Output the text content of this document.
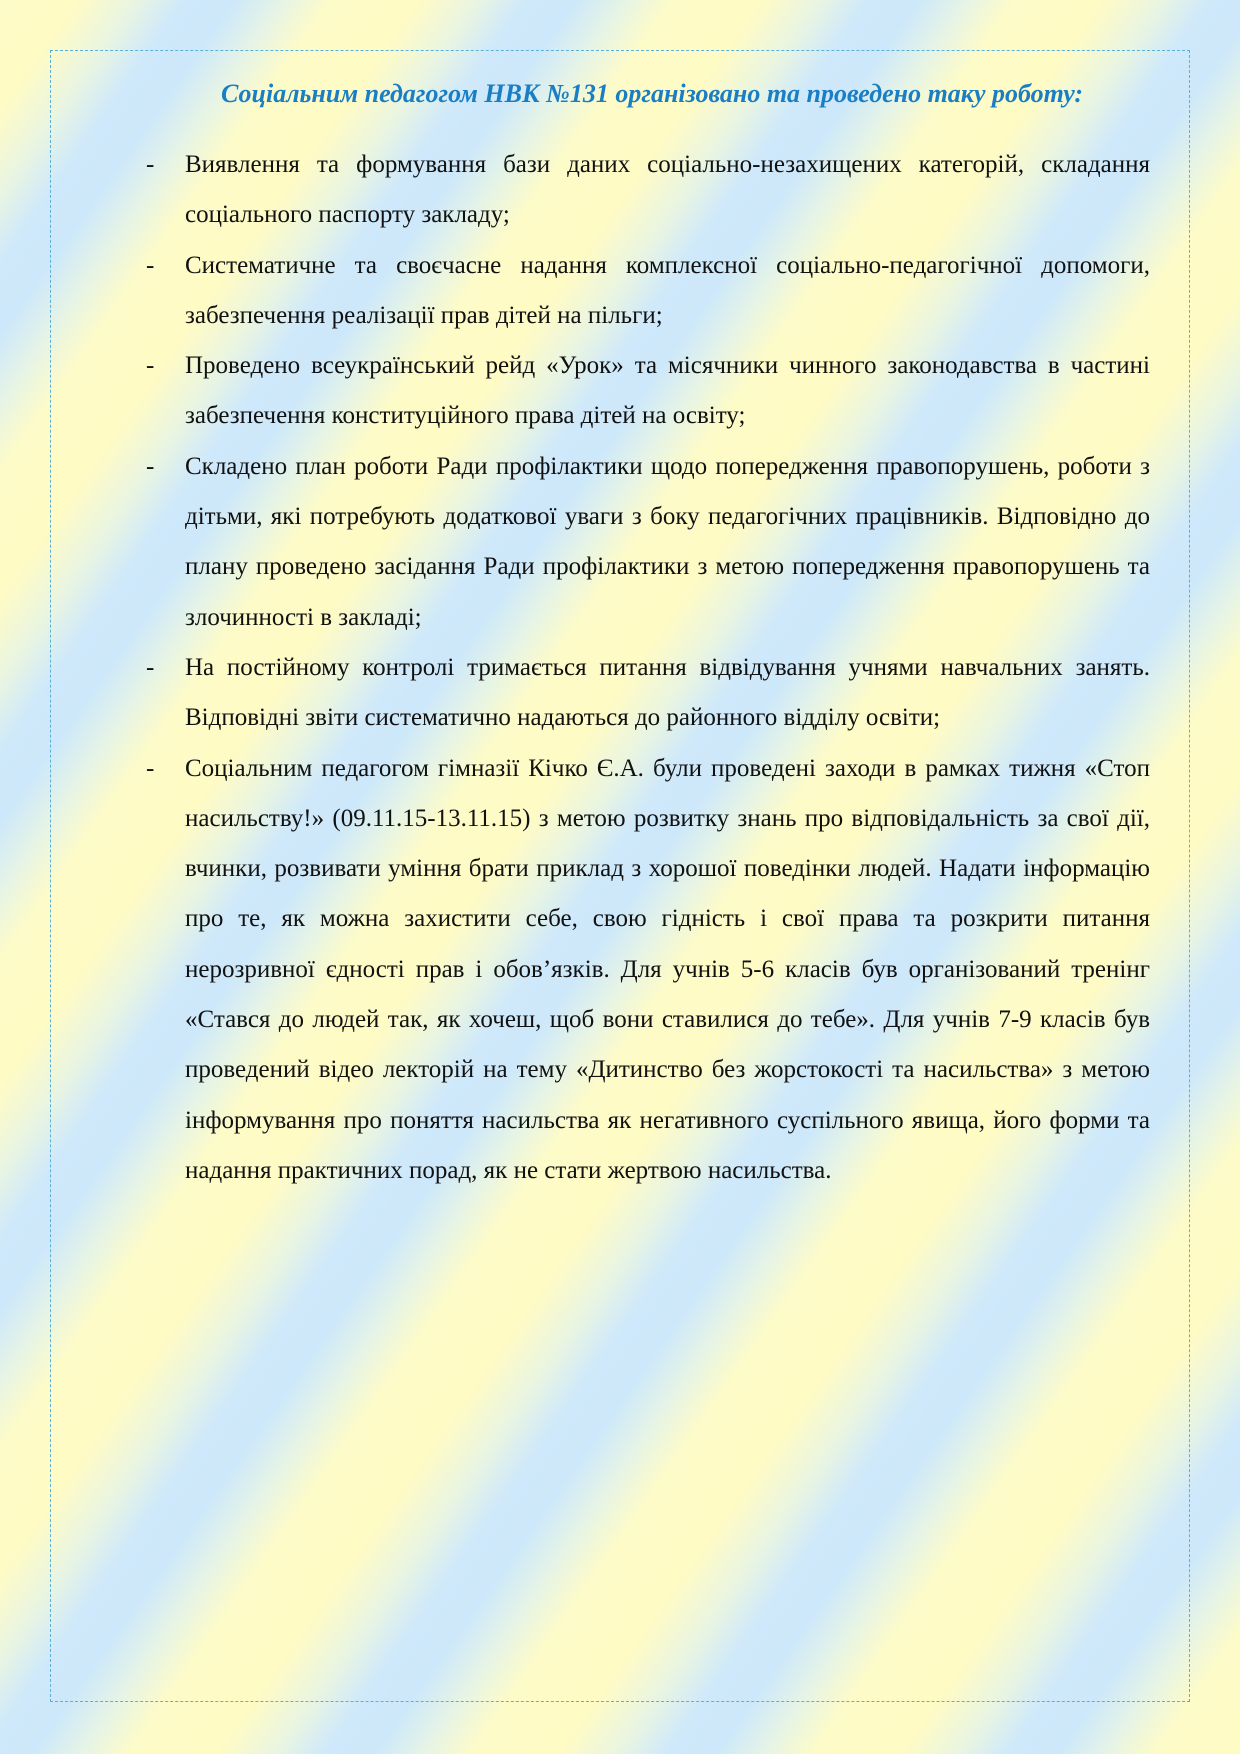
Соціальним педагогом НВК №131 організовано та проведено таку роботу:

- Виявлення та формування бази даних соціально-незахищених категорій, складання соціального паспорту закладу;
- Систематичне та своєчасне надання комплексної соціально-педагогічної допомоги, забезпечення реалізації прав дітей на пільги;
- Проведено всеукраїнський рейд «Урок» та місячники чинного законодавства в частині забезпечення конституційного права дітей на освіту;
- Складено план роботи Ради профілактики щодо попередження правопорушень, роботи з дітьми, які потребують додаткової уваги з боку педагогічних працівників. Відповідно до плану проведено засідання Ради профілактики з метою попередження правопорушень та злочинності в закладі;
- На постійному контролі тримається питання відвідування учнями навчальних занять. Відповідні звіти систематично надаються до районного відділу освіти;
- Соціальним педагогом гімназії Кічко Є.А. були проведені заходи в рамках тижня «Стоп насильству!» (09.11.15-13.11.15) з метою розвитку знань про відповідальність за свої дії, вчинки, розвивати уміння брати приклад з хорошої поведінки людей. Надати інформацію про те, як можна захистити себе, свою гідність і свої права та розкрити питання нерозривної єдності прав і обов’язків. Для учнів 5-6 класів був організований тренінг «Стався до людей так, як хочеш, щоб вони ставилися до тебе». Для учнів 7-9 класів був проведений відео лекторій на тему «Дитинство без жорстокості та насильства» з метою інформування про поняття насильства як негативного суспільного явища, його форми та надання практичних порад, як не стати жертвою насильства.
